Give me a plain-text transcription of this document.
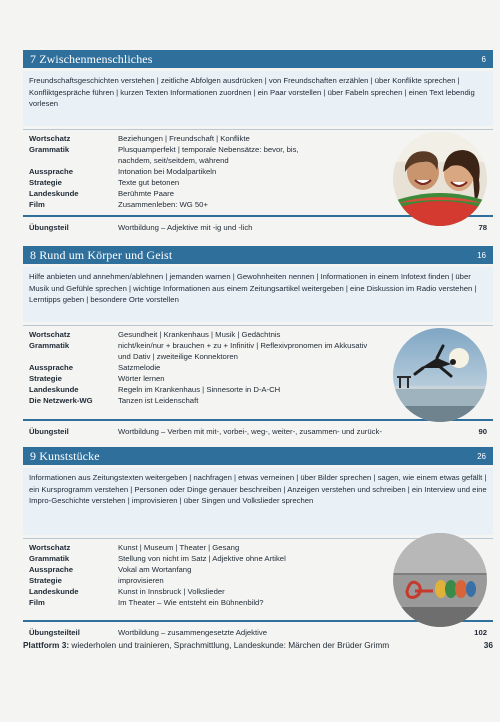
7 Zwischenmenschliches	6
Freundschaftsgeschichten verstehen | zeitliche Abfolgen ausdrücken | von Freundschaften erzählen | über Konflikte sprechen | Konfliktgespräche führen | kurzen Texten Informationen zuordnen | ein Paar vorstellen | über Fabeln sprechen | einen Text lebendig vorlesen
Wortschatz	Beziehungen | Freundschaft | Konflikte
Grammatik	Plusquamperfekt | temporale Nebensätze: bevor, bis, nachdem, seit/seitdem, während
Aussprache	Intonation bei Modalpartikeln
Strategie	Texte gut betonen
Landeskunde	Berühmte Paare
Film	Zusammenleben: WG 50+
Übungsteil	Wortbildung – Adjektive mit -ig und -lich	78
8 Rund um Körper und Geist	16
Hilfe anbieten und annehmen/ablehnen | jemanden warnen | Gewohnheiten nennen | Informationen in einem Infotext finden | über Musik und Gefühle sprechen | wichtige Informationen aus einem Zeitungsartikel weitergeben | eine Diskussion im Radio verstehen | Lerntipps geben | besondere Orte vorstellen
Wortschatz	Gesundheit | Krankenhaus | Musik | Gedächtnis
Grammatik	nicht/kein/nur + brauchen + zu + Infinitiv | Reflexivpronomen im Akkusativ und Dativ | zweiteilige Konnektoren
Aussprache	Satzmelodie
Strategie	Wörter lernen
Landeskunde	Regeln im Krankenhaus | Sinnesorte in D-A-CH
Die Netzwerk-WG	Tanzen ist Leidenschaft
Übungsteil	Wortbildung – Verben mit mit-, vorbei-, weg-, weiter-, zusammen- und zurück-	90
9 Kunststücke	26
Informationen aus Zeitungstexten weitergeben | nachfragen | etwas verneinen | über Bilder sprechen | sagen, wie einem etwas gefällt | ein Kursprogramm verstehen | Personen oder Dinge genauer beschreiben | Anzeigen verstehen und schreiben | ein Interview und eine Impro-Geschichte verstehen | improvisieren | über Singen und Volkslieder sprechen
Wortschatz	Kunst | Museum | Theater | Gesang
Grammatik	Stellung von nicht im Satz | Adjektive ohne Artikel
Aussprache	Vokal am Wortanfang
Strategie	improvisieren
Landeskunde	Kunst in Innsbruck | Volkslieder
Film	Im Theater – Wie entsteht ein Bühnenbild?
Übungsteilteil	Wortbildung – zusammengesetzte Adjektive	102
Plattform 3: wiederholen und trainieren, Sprachmittlung, Landeskunde: Märchen der Brüder Grimm	36
